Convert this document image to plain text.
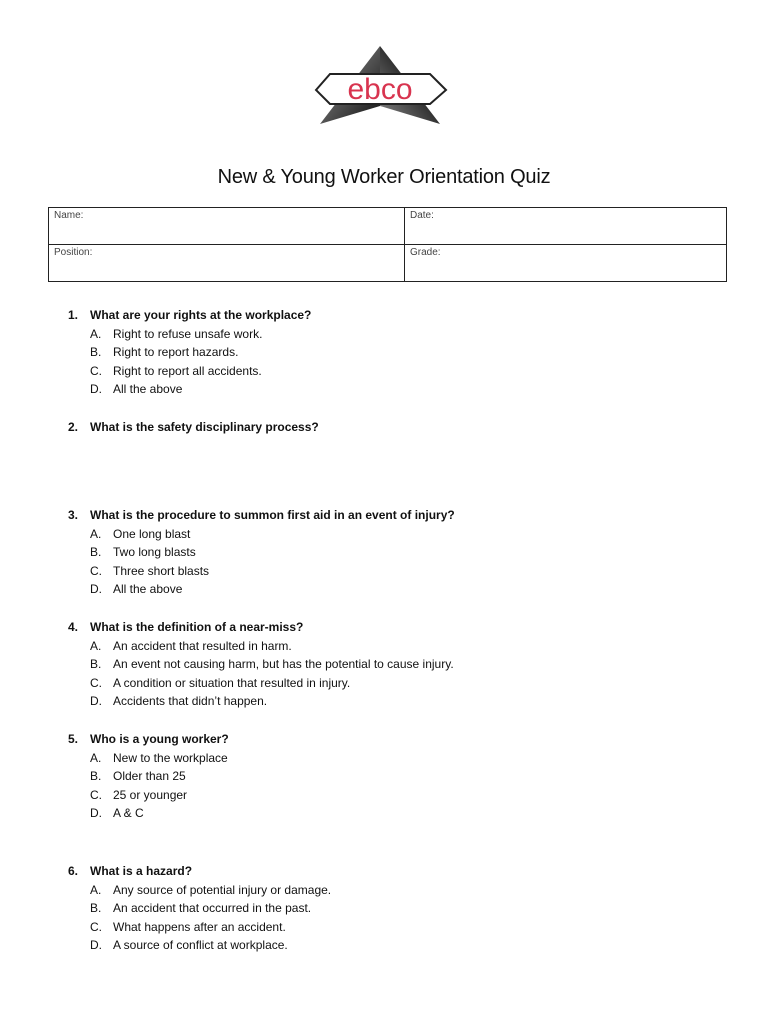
ebco
New & Young Worker Orientation Quiz
Name:	Date:
Position:	Grade:
1. What are your rights at the workplace?
A. Right to refuse unsafe work.
B. Right to report hazards.
C. Right to report all accidents.
D. All the above
2. What is the safety disciplinary process?
3. What is the procedure to summon first aid in an event of injury?
A. One long blast
B. Two long blasts
C. Three short blasts
D. All the above
4. What is the definition of a near-miss?
A. An accident that resulted in harm.
B. An event not causing harm, but has the potential to cause injury.
C. A condition or situation that resulted in injury.
D. Accidents that didn’t happen.
5. Who is a young worker?
A. New to the workplace
B. Older than 25
C. 25 or younger
D. A & C
6. What is a hazard?
A. Any source of potential injury or damage.
B. An accident that occurred in the past.
C. What happens after an accident.
D. A source of conflict at workplace.
